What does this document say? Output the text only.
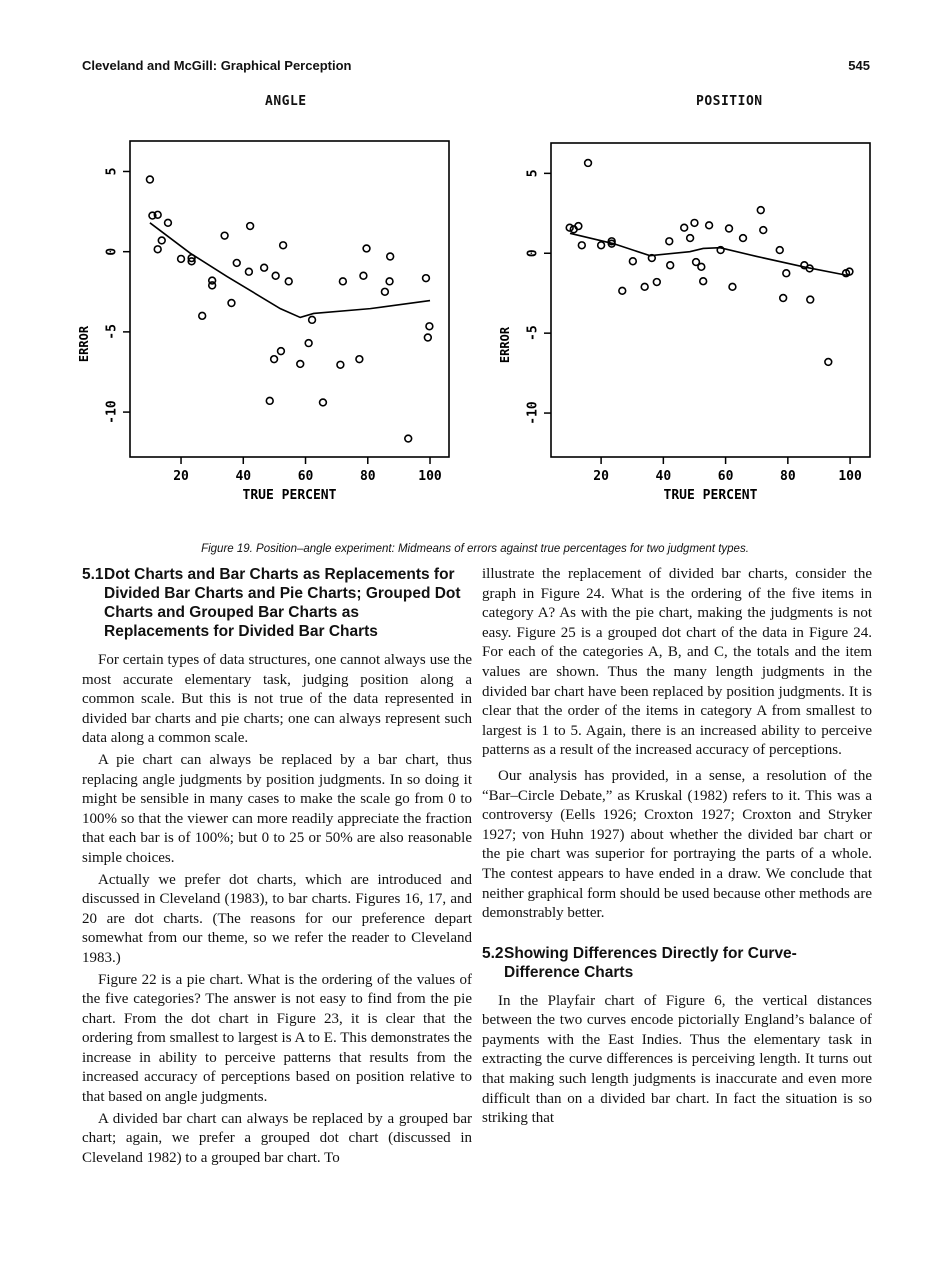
Cleveland and McGill: Graphical Perception	545
ANGLE	POSITION
20	40	60	80	100
5
0
-5
-10
TRUE PERCENT
ERROR
20	40	60	80	100
5
0
-5
-10
TRUE PERCENT
ERROR
Figure 19. Position–angle experiment: Midmeans of errors against true percentages for two judgment types.
5.1Dot Charts and Bar Charts as Replacements for Divided Bar Charts and Pie Charts; Grouped Dot Charts and Grouped Bar Charts as Replacements for Divided Bar Charts

For certain types of data structures, one cannot always use the most accurate elementary task, judging position along a common scale. But this is not true of the data represented in divided bar charts and pie charts; one can always represent such data along a common scale.

A pie chart can always be replaced by a bar chart, thus replacing angle judgments by position judgments. In so doing it might be sensible in many cases to make the scale go from 0 to 100% so that the viewer can more readily appreciate the fraction that each bar is of 100%; but 0 to 25 or 50% are also reasonable simple choices.

Actually we prefer dot charts, which are introduced and discussed in Cleveland (1983), to bar charts. Figures 16, 17, and 20 are dot charts. (The reasons for our preference depart somewhat from our theme, so we refer the reader to Cleveland 1983.)

Figure 22 is a pie chart. What is the ordering of the values of the five categories? The answer is not easy to find from the pie chart. From the dot chart in Figure 23, it is clear that the ordering from smallest to largest is A to E. This demonstrates the increase in ability to perceive patterns that results from the increased accuracy of perceptions based on position relative to that based on angle judgments.

A divided bar chart can always be replaced by a grouped bar chart; again, we prefer a grouped dot chart (discussed in Cleveland 1982) to a grouped bar chart. To

illustrate the replacement of divided bar charts, consider the graph in Figure 24. What is the ordering of the five items in category A? As with the pie chart, making the judgments is not easy. Figure 25 is a grouped dot chart of the data in Figure 24. For each of the categories A, B, and C, the totals and the item values are shown. Thus the many length judgments in the divided bar chart have been replaced by position judgments. It is clear that the order of the items in category A from smallest to largest is 1 to 5. Again, there is an increased ability to perceive patterns as a result of the increased accuracy of perceptions.

Our analysis has provided, in a sense, a resolution of the “Bar–Circle Debate,” as Kruskal (1982) refers to it. This was a controversy (Eells 1926; Croxton 1927; Croxton and Stryker 1927; von Huhn 1927) about whether the divided bar chart or the pie chart was superior for portraying the parts of a whole. The contest appears to have ended in a draw. We conclude that neither graphical form should be used because other methods are demonstrably better.

5.2Showing Differences Directly for Curve-Difference Charts

In the Playfair chart of Figure 6, the vertical distances between the two curves encode pictorially England’s balance of payments with the East Indies. Thus the elementary task in extracting the curve differences is perceiving length. It turns out that making such length judgments is inaccurate and even more difficult than on a divided bar chart. In fact the situation is so striking that
